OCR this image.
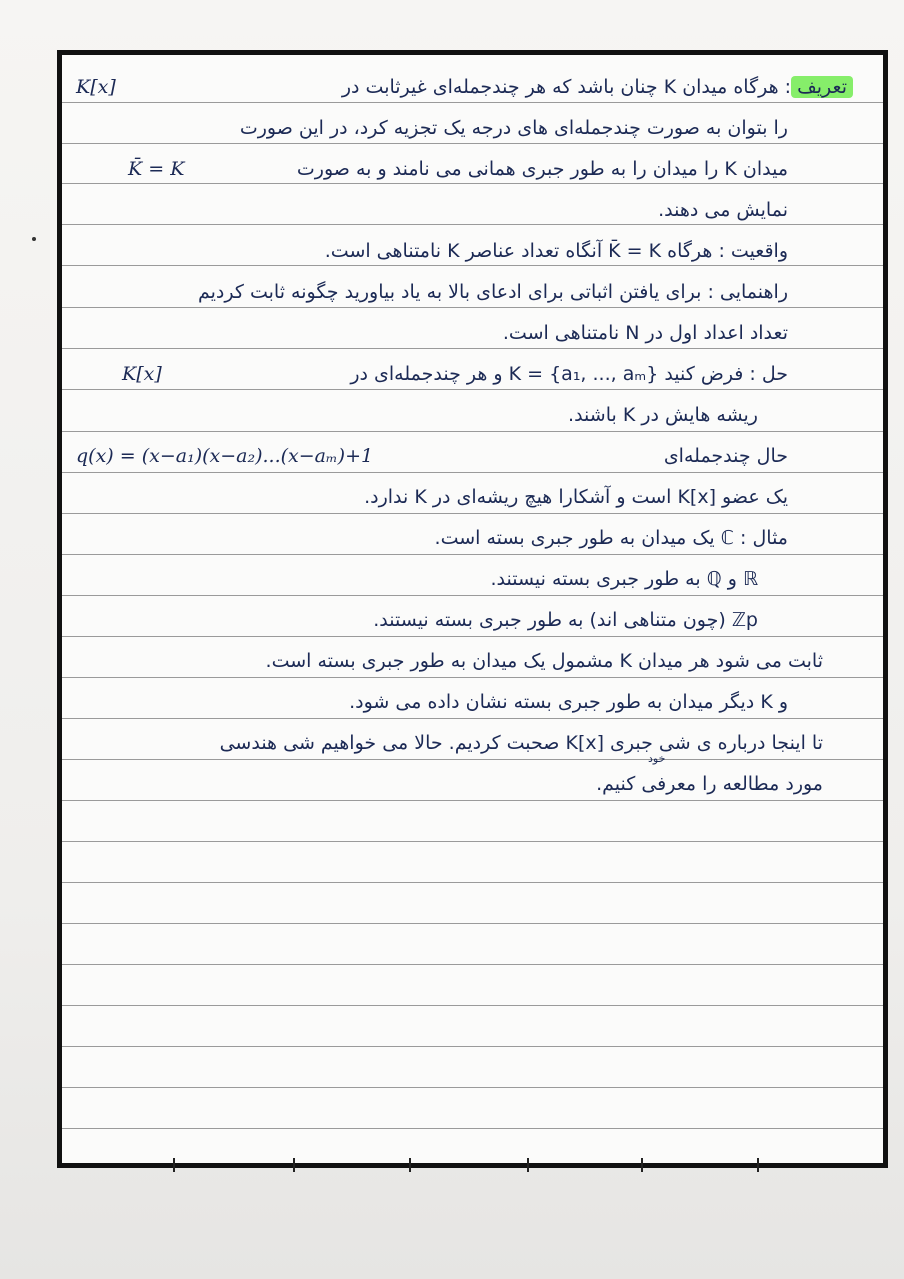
تعریف: هرگاه میدان K چنان باشد که هر چندجمله‌ای غیرثابت در
K[x]
را بتوان به صورت چندجمله‌ای های درجه یک تجزیه کرد، در این صورت
میدان K را میدان را به طور جبری همانی می نامند و به صورت
K̄ = K
نمایش می دهند.
واقعیت : هرگاه K̄ = K آنگاه تعداد عناصر K نامتناهی است.
راهنمایی : برای یافتن اثباتی برای ادعای بالا به یاد بیاورید چگونه ثابت کردیم
تعداد اعداد اول در N نامتناهی است.
حل : فرض کنید K = {a₁, ..., aₘ} و هر چندجمله‌ای در
K[x]
ریشه هایش در K باشند.
حال چندجمله‌ای
q(x) = (x−a₁)(x−a₂)...(x−aₘ)+1
یک عضو K[x] است و آشکارا هیچ ریشه‌ای در K ندارد.
مثال : ℂ یک میدان به طور جبری بسته است.
ℝ و ℚ به طور جبری بسته نیستند.
ℤp (چون متناهی اند) به طور جبری بسته نیستند.
ثابت می شود هر میدان K مشمول یک میدان به طور جبری بسته است.
و K دیگر میدان به طور جبری بسته نشان داده می شود.
تا اینجا درباره ی شی جبری K[x] صحبت کردیم. حالا می خواهیم شی هندسی
مورد مطالعه را معرفی کنیم.
خود
